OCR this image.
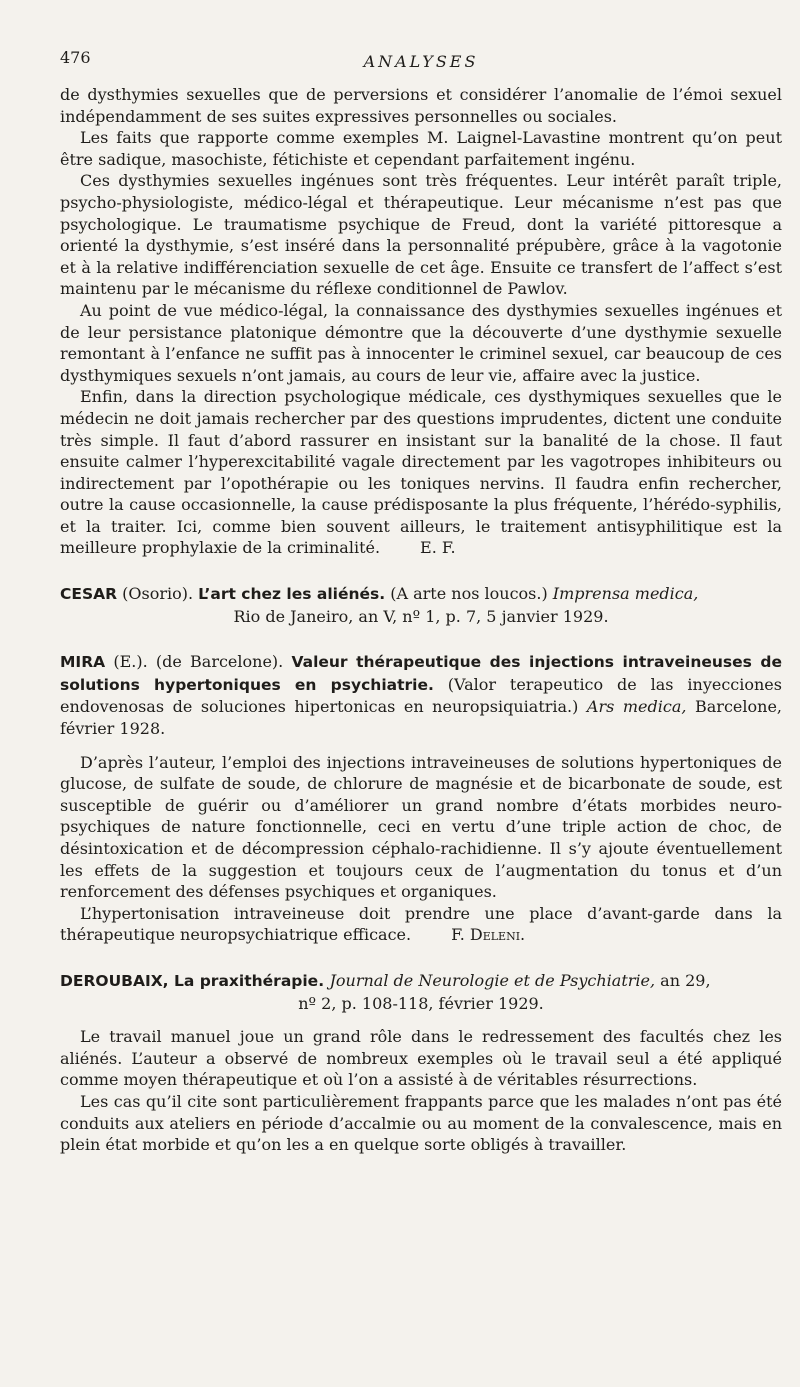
476	ANALYSES

de dysthymies sexuelles que de perversions et considérer l’anomalie de l’émoi sexuel indépendamment de ses suites expressives personnelles ou sociales.

Les faits que rapporte comme exemples M. Laignel-Lavastine montrent qu’on peut être sadique, masochiste, fétichiste et cependant parfaitement ingénu.

Ces dysthymies sexuelles ingénues sont très fréquentes. Leur intérêt paraît triple, psycho-physiologiste, médico-légal et thérapeutique. Leur mécanisme n’est pas que psychologique. Le traumatisme psychique de Freud, dont la variété pittoresque a orienté la dysthymie, s’est inséré dans la personnalité prépubère, grâce à la vagotonie et à la relative indifférenciation sexuelle de cet âge. Ensuite ce transfert de l’affect s’est maintenu par le mécanisme du réflexe conditionnel de Pawlov.

Au point de vue médico-légal, la connaissance des dysthymies sexuelles ingénues et de leur persistance platonique démontre que la découverte d’une dysthymie sexuelle remontant à l’enfance ne suffit pas à innocenter le criminel sexuel, car beaucoup de ces dysthymiques sexuels n’ont jamais, au cours de leur vie, affaire avec la justice.

Enfin, dans la direction psychologique médicale, ces dysthymiques sexuelles que le médecin ne doit jamais rechercher par des questions imprudentes, dictent une conduite très simple. Il faut d’abord rassurer en insistant sur la banalité de la chose. Il faut ensuite calmer l’hyperexcitabilité vagale directement par les vagotropes inhibiteurs ou indirectement par l’opothérapie ou les toniques nervins. Il faudra enfin rechercher, outre la cause occasionnelle, la cause prédisposante la plus fréquente, l’hérédo-syphilis, et la traiter. Ici, comme bien souvent ailleurs, le traitement antisyphilitique est la meilleure prophylaxie de la criminalité.	E. F.

CESAR (Osorio). L’art chez les aliénés. (A arte nos loucos.) Imprensa medica,
Rio de Janeiro, an V, nº 1, p. 7, 5 janvier 1929.
MIRA (E.). (de Barcelone). Valeur thérapeutique des injections intraveineuses de solutions hypertoniques en psychiatrie. (Valor terapeutico de las inyecciones endovenosas de soluciones hipertonicas en neuropsiquiatria.) Ars medica, Barcelone, février 1928.

D’après l’auteur, l’emploi des injections intraveineuses de solutions hypertoniques de glucose, de sulfate de soude, de chlorure de magnésie et de bicarbonate de soude, est susceptible de guérir ou d’améliorer un grand nombre d’états morbides neuro-psychiques de nature fonctionnelle, ceci en vertu d’une triple action de choc, de désintoxication et de décompression céphalo-rachidienne. Il s’y ajoute éventuellement les effets de la suggestion et toujours ceux de l’augmentation du tonus et d’un renforcement des défenses psychiques et organiques.

L’hypertonisation intraveineuse doit prendre une place d’avant-garde dans la thérapeutique neuropsychiatrique efficace.	F. Deleni.

DEROUBAIX, La praxithérapie. Journal de Neurologie et de Psychiatrie, an 29,
nº 2, p. 108-118, février 1929.

Le travail manuel joue un grand rôle dans le redressement des facultés chez les aliénés. L’auteur a observé de nombreux exemples où le travail seul a été appliqué comme moyen thérapeutique et où l’on a assisté à de véritables résurrections.

Les cas qu’il cite sont particulièrement frappants parce que les malades n’ont pas été conduits aux ateliers en période d’accalmie ou au moment de la convalescence, mais en plein état morbide et qu’on les a en quelque sorte obligés à travailler.
